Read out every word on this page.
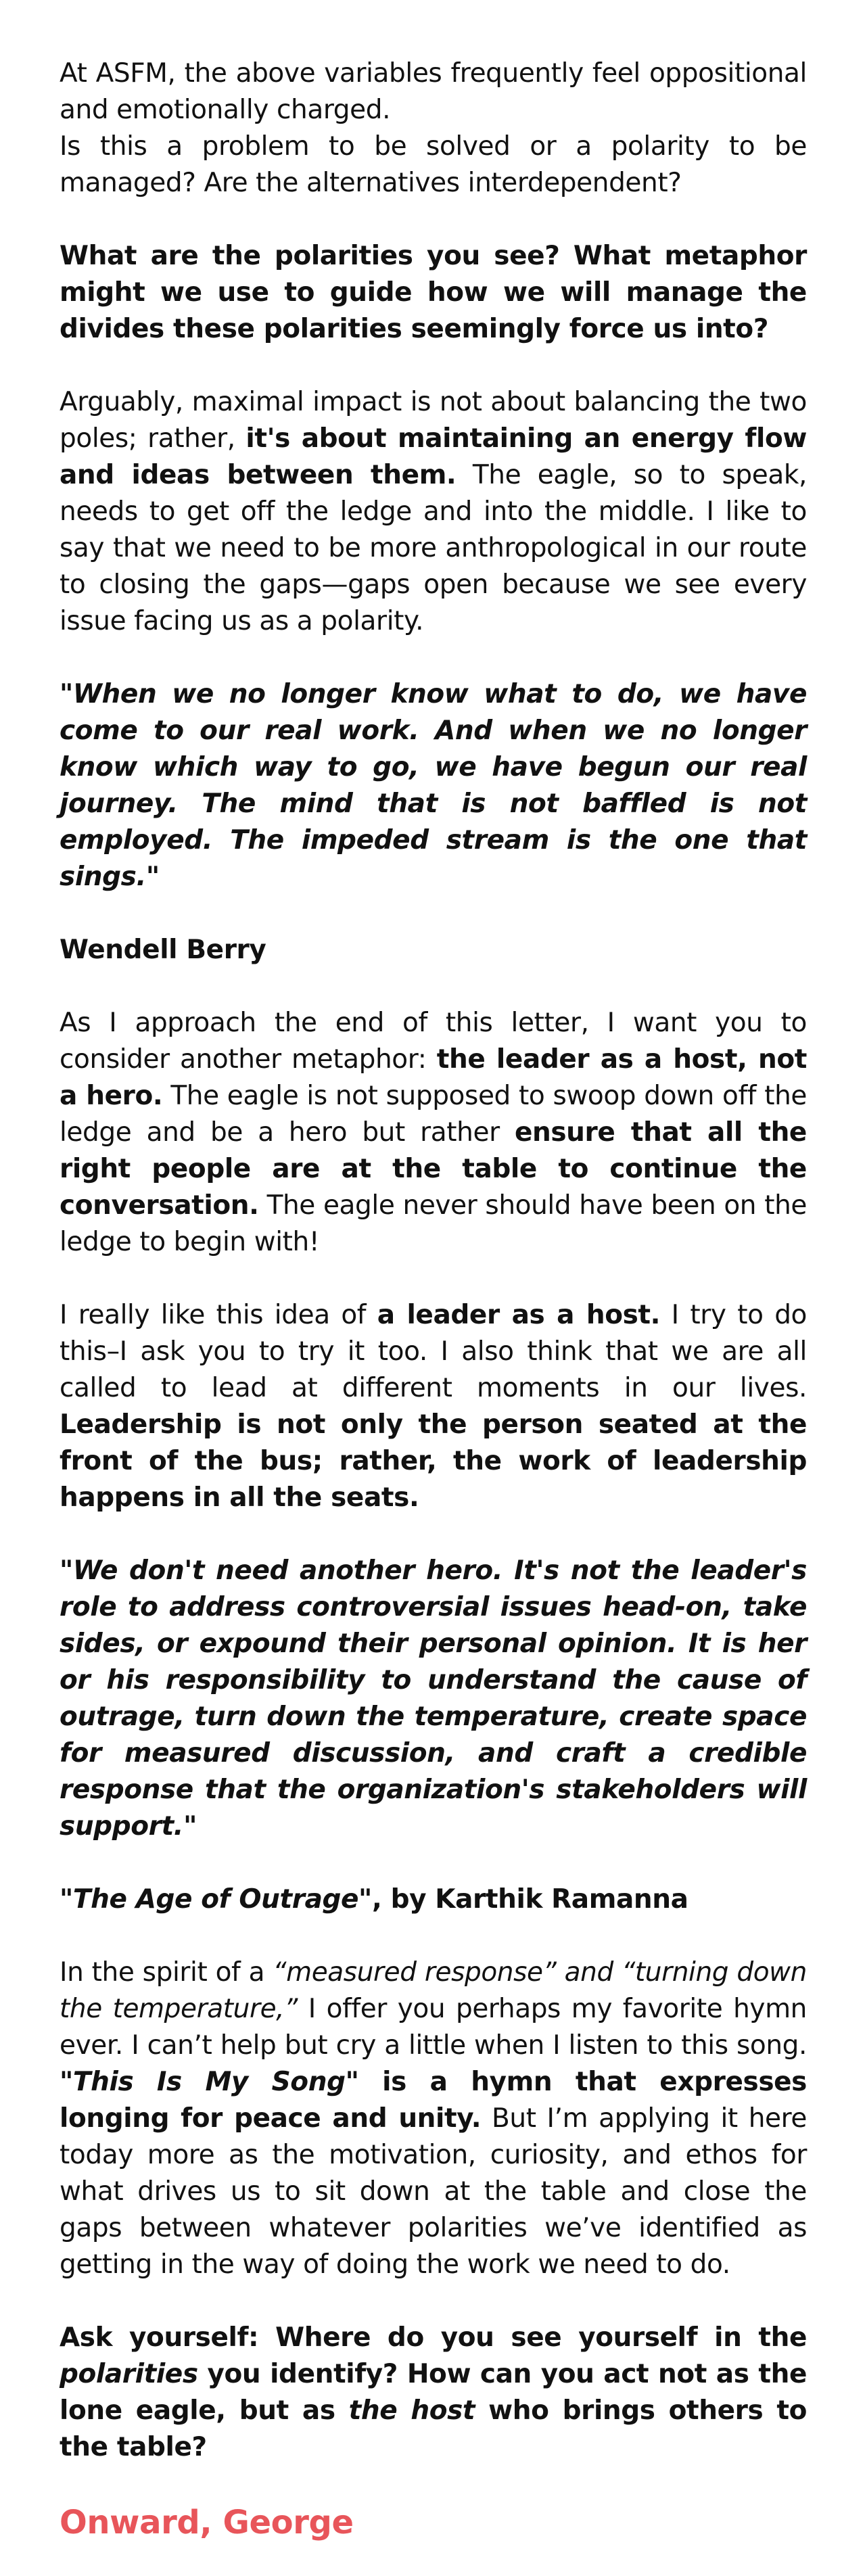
At ASFM, the above variables frequently feel oppositional and emotionally charged.

Is this a problem to be solved or a polarity to be managed? Are the alternatives interdependent?

What are the polarities you see? What metaphor might we use to guide how we will manage the divides these polarities seemingly force us into?

Arguably, maximal impact is not about balancing the two poles; rather, it's about maintaining an energy flow and ideas between them. The eagle, so to speak, needs to get off the ledge and into the middle. I like to say that we need to be more anthropological in our route to closing the gaps—gaps open because we see every issue facing us as a polarity.

"When we no longer know what to do, we have come to our real work. And when we no longer know which way to go, we have begun our real journey. The mind that is not baffled is not employed. The impeded stream is the one that sings."

Wendell Berry

As I approach the end of this letter, I want you to consider another metaphor: the leader as a host, not a hero. The eagle is not supposed to swoop down off the ledge and be a hero but rather ensure that all the right people are at the table to continue the conversation. The eagle never should have been on the ledge to begin with!

I really like this idea of a leader as a host. I try to do this–I ask you to try it too. I also think that we are all called to lead at different moments in our lives. Leadership is not only the person seated at the front of the bus; rather, the work of leadership happens in all the seats.

"We don't need another hero. It's not the leader's role to address controversial issues head-on, take sides, or expound their personal opinion. It is her or his responsibility to understand the cause of outrage, turn down the temperature, create space for measured discussion, and craft a credible response that the organization's stakeholders will support."

"The Age of Outrage", by Karthik Ramanna

In the spirit of a “measured response” and “turning down the temperature,” I offer you perhaps my favorite hymn ever. I can’t help but cry a little when I listen to this song. "This Is My Song" is a hymn that expresses longing for peace and unity. But I’m applying it here today more as the motivation, curiosity, and ethos for what drives us to sit down at the table and close the gaps between whatever polarities we’ve identified as getting in the way of doing the work we need to do.

Ask yourself: Where do you see yourself in the polarities you identify? How can you act not as the lone eagle, but as the host who brings others to the table?

Onward, George
